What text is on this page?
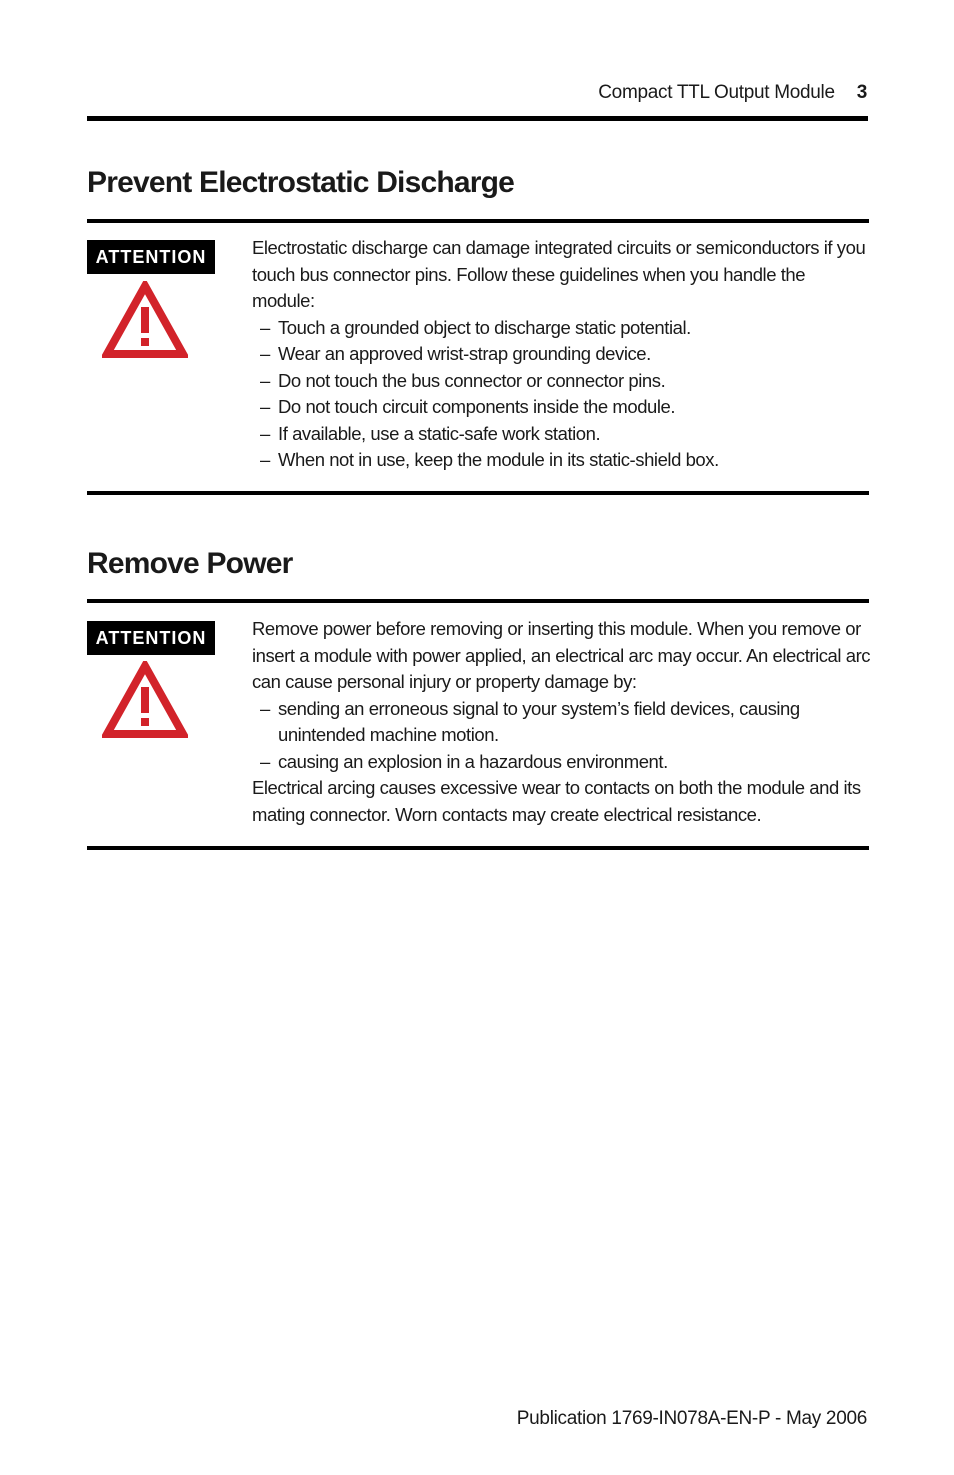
Compact TTL Output Module 3
Prevent Electrostatic Discharge
ATTENTION	Electrostatic discharge can damage integrated circuits or semiconductors if you touch bus connector pins. Follow these guidelines when you handle the module:

– Touch a grounded object to discharge static potential.
– Wear an approved wrist-strap grounding device.
– Do not touch the bus connector or connector pins.
– Do not touch circuit components inside the module.
– If available, use a static-safe work station.
– When not in use, keep the module in its static-shield box.
Remove Power
ATTENTION	Remove power before removing or inserting this module. When you remove or insert a module with power applied, an electrical arc may occur. An electrical arc can cause personal injury or property damage by:

– sending an erroneous signal to your system’s field devices, causing unintended machine motion.
– causing an explosion in a hazardous environment.

Electrical arcing causes excessive wear to contacts on both the module and its mating connector. Worn contacts may create electrical resistance.

Publication 1769-IN078A-EN-P - May 2006
